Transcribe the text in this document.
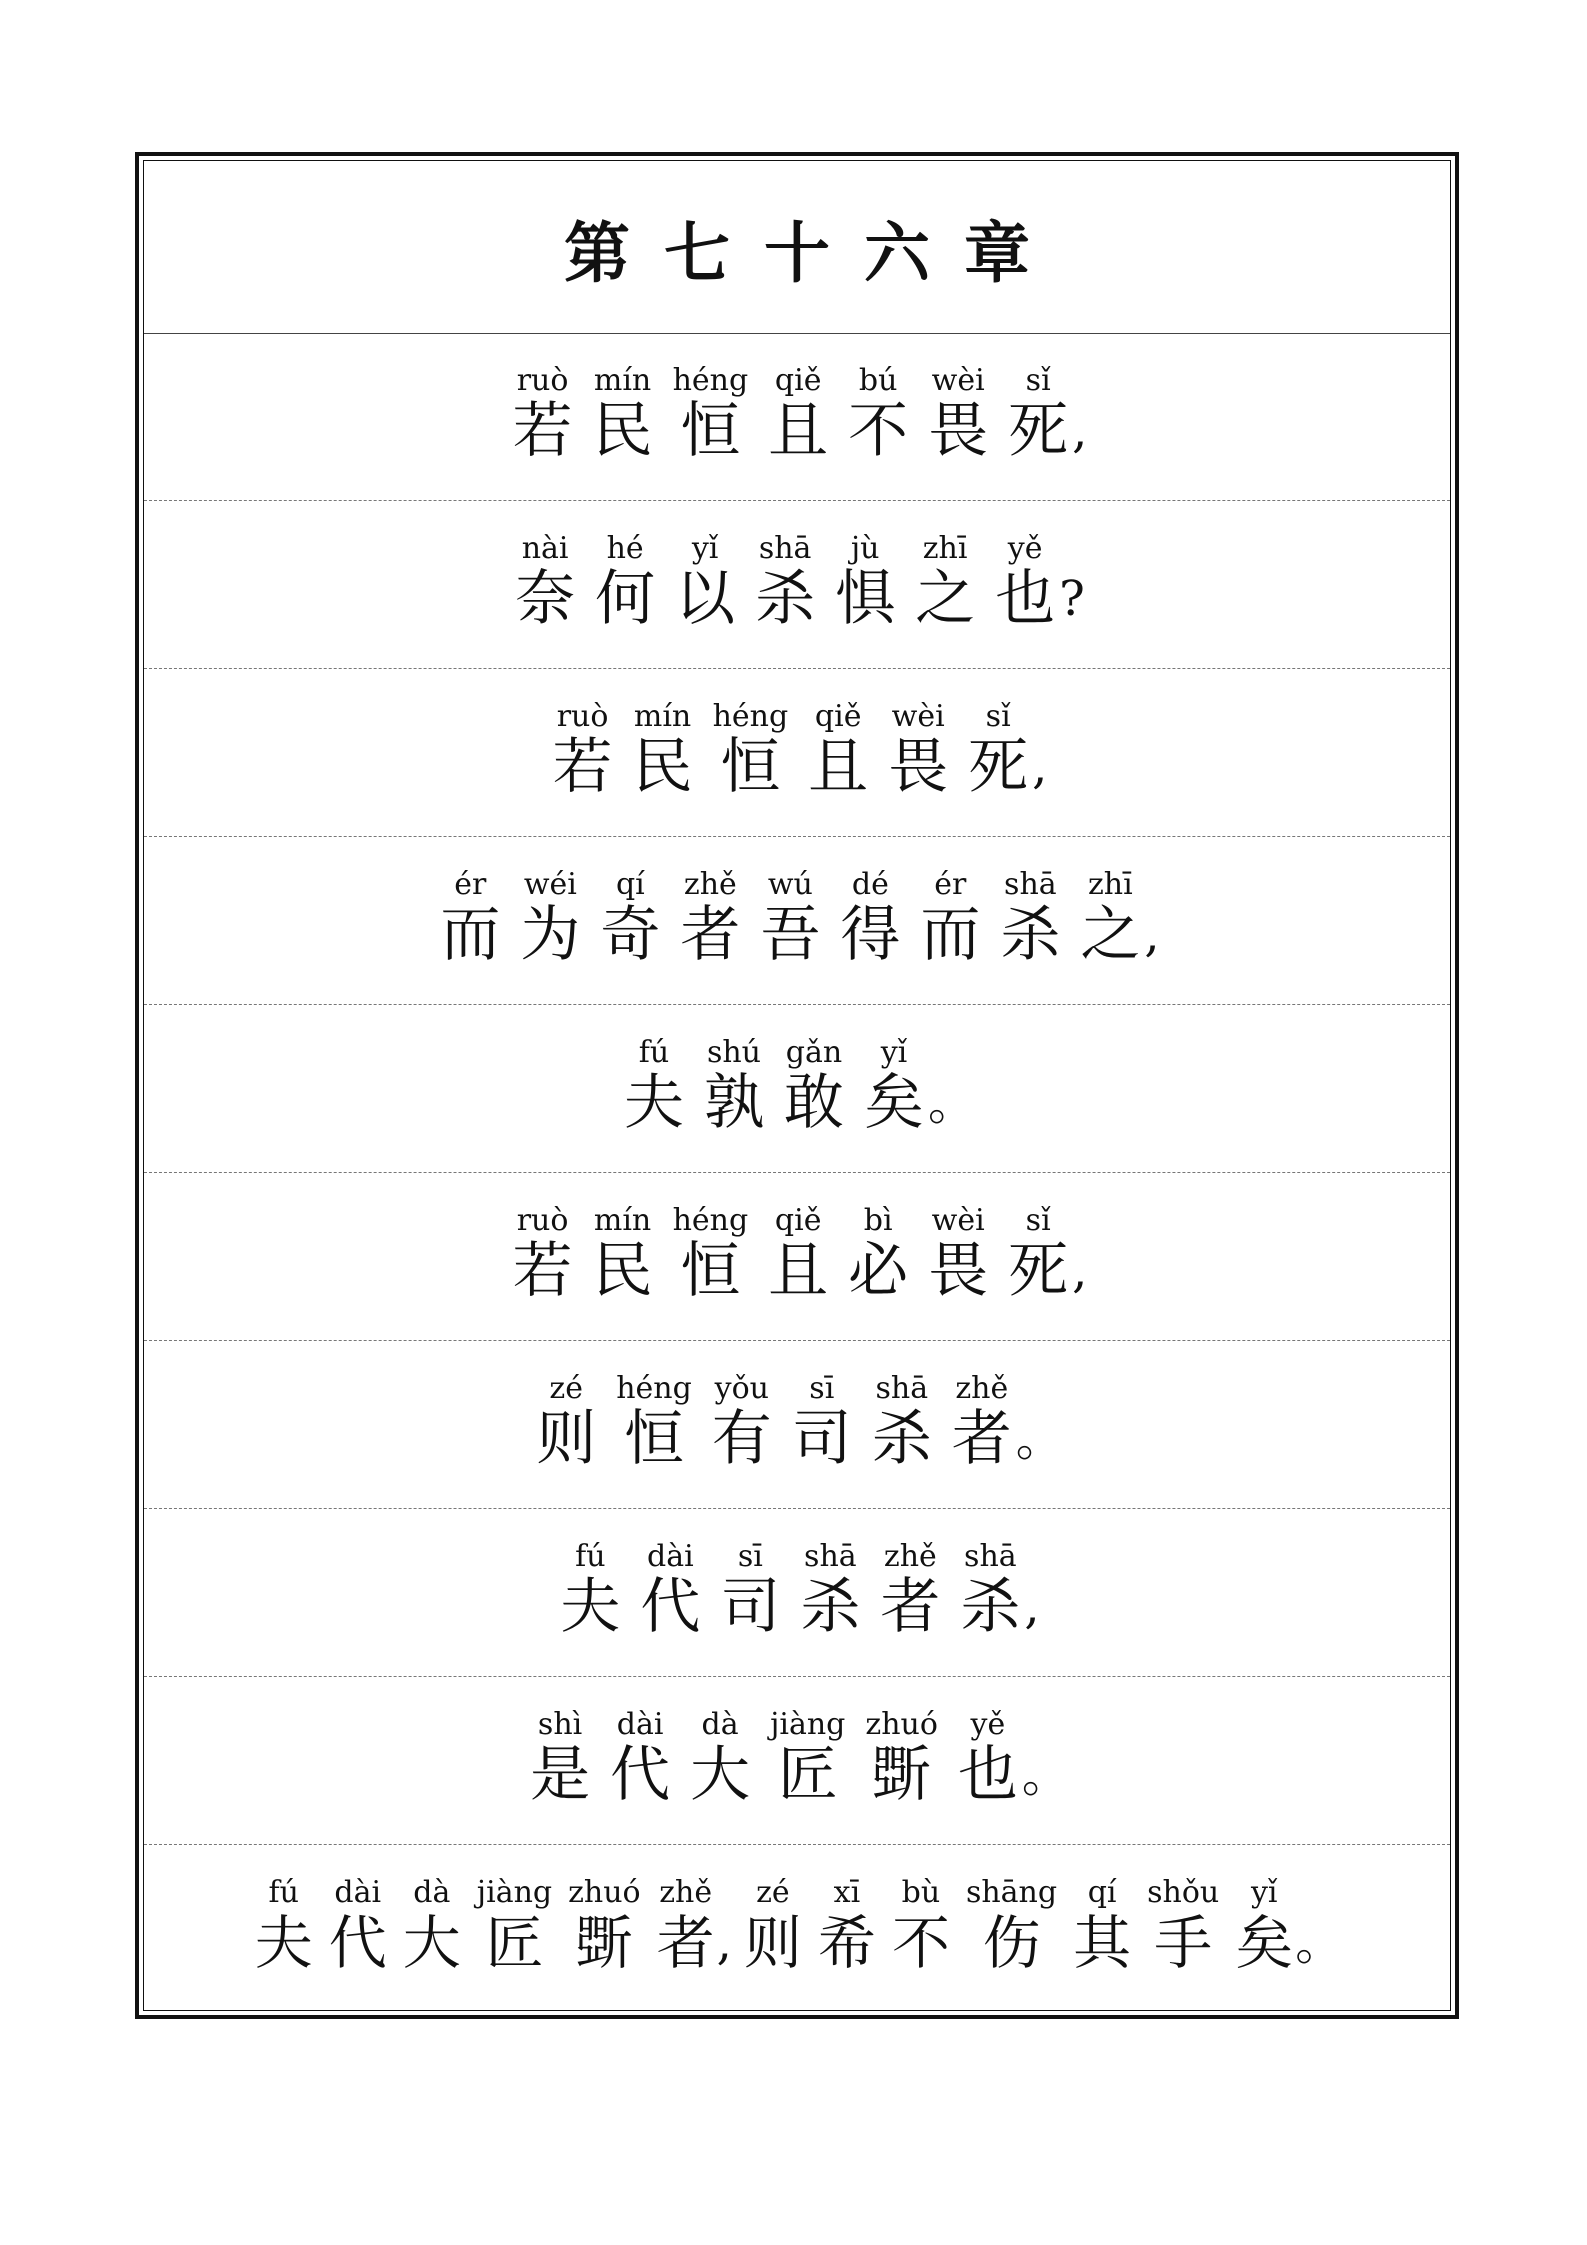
第 七 十 六 章
ruò
若
mín
民
héng
恒
qiě
且
bú
不
wèi
畏
sǐ
死 ,
nài
奈
hé
何
yǐ
以
shā
杀
jù
惧
zhī
之
yě
也 ?
ruò
若
mín
民
héng
恒
qiě
且
wèi
畏
sǐ
死 ,
ér
而
wéi
为
qí
奇
zhě
者
wú
吾
dé
得
ér
而
shā
杀
zhī
之 ,
fú
夫
shú
孰
gǎn
敢
yǐ
矣 。
ruò
若
mín
民
héng
恒
qiě
且
bì
必
wèi
畏
sǐ
死 ,
zé
则
héng
恒
yǒu
有
sī
司
shā
杀
zhě
者 。
fú
夫
dài
代
sī
司
shā
杀
zhě
者
shā
杀 ,
shì
是
dài
代
dà
大
jiàng
匠
zhuó
斲
yě
也 。
fú
夫
dài
代
dà
大
jiàng
匠
zhuó
斲
zhě
者 ,
zé
则
xī
希
bù
不
shāng
伤
qí
其
shǒu
手
yǐ
矣 。
